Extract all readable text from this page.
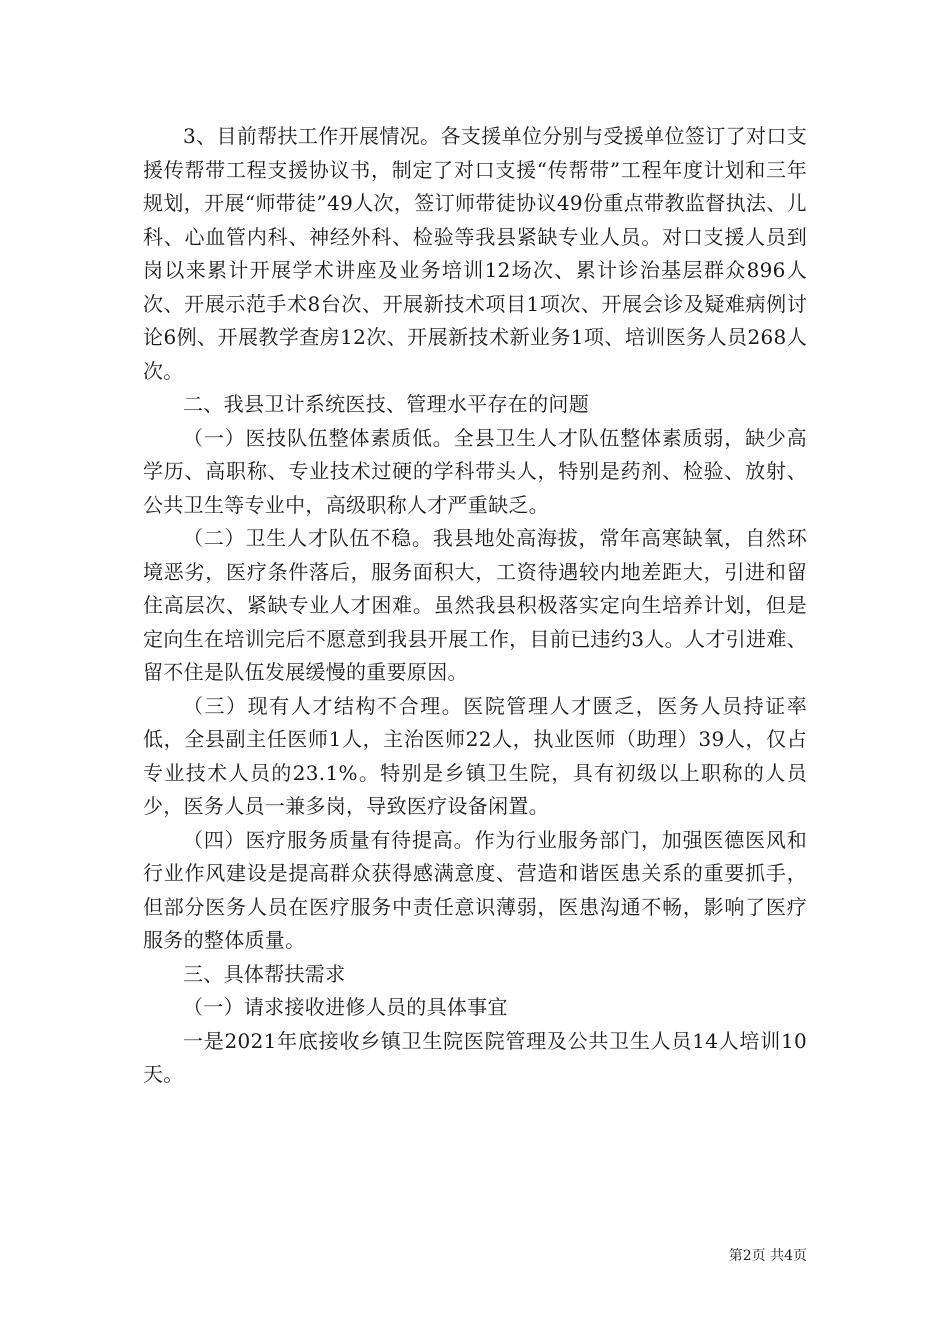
3、目前帮扶工作开展情况。各支援单位分别与受援单位签订了对口支援传帮带工程支援协议书，制定了对口支援“传帮带”工程年度计划和三年规划，开展“师带徒”49人次，签订师带徒协议49份重点带教监督执法、儿科、心血管内科、神经外科、检验等我县紧缺专业人员。对口支援人员到岗以来累计开展学术讲座及业务培训12场次、累计诊治基层群众896人次、开展示范手术8台次、开展新技术项目1项次、开展会诊及疑难病例讨论6例、开展教学查房12次、开展新技术新业务1项、培训医务人员268人次。

二、我县卫计系统医技、管理水平存在的问题

（一）医技队伍整体素质低。全县卫生人才队伍整体素质弱，缺少高学历、高职称、专业技术过硬的学科带头人，特别是药剂、检验、放射、公共卫生等专业中，高级职称人才严重缺乏。

（二）卫生人才队伍不稳。我县地处高海拔，常年高寒缺氧，自然环境恶劣，医疗条件落后，服务面积大，工资待遇较内地差距大，引进和留住高层次、紧缺专业人才困难。虽然我县积极落实定向生培养计划，但是定向生在培训完后不愿意到我县开展工作，目前已违约3人。人才引进难、留不住是队伍发展缓慢的重要原因。

（三）现有人才结构不合理。医院管理人才匮乏，医务人员持证率低，全县副主任医师1人，主治医师22人，执业医师（助理）39人，仅占专业技术人员的23.1%。特别是乡镇卫生院，具有初级以上职称的人员少，医务人员一兼多岗，导致医疗设备闲置。

（四）医疗服务质量有待提高。作为行业服务部门，加强医德医风和行业作风建设是提高群众获得感满意度、营造和谐医患关系的重要抓手，但部分医务人员在医疗服务中责任意识薄弱，医患沟通不畅，影响了医疗服务的整体质量。

三、具体帮扶需求

（一）请求接收进修人员的具体事宜

一是2021年底接收乡镇卫生院医院管理及公共卫生人员14人培训10天。

第2页 共4页
